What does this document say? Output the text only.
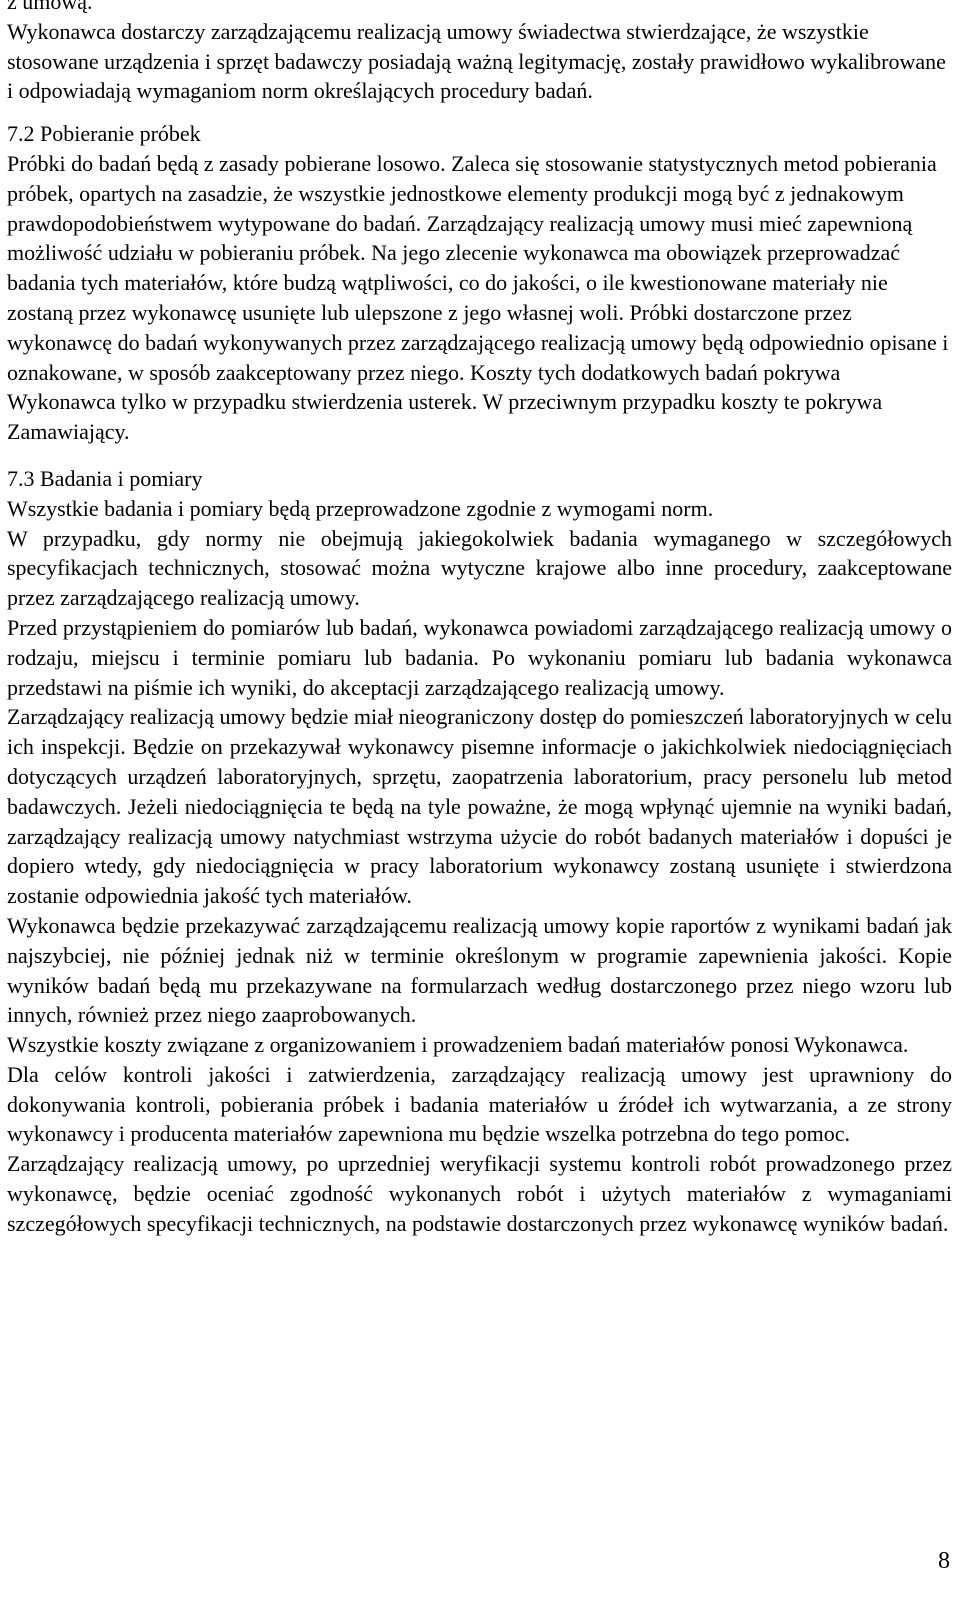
z umową.

Wykonawca dostarczy zarządzającemu realizacją umowy świadectwa stwierdzające, że wszystkie stosowane urządzenia i sprzęt badawczy posiadają ważną legitymację, zostały prawidłowo wykalibrowane i odpowiadają wymaganiom norm określających procedury badań.

7.2 Pobieranie próbek

Próbki do badań będą z zasady pobierane losowo. Zaleca się stosowanie statystycznych metod pobierania próbek, opartych na zasadzie, że wszystkie jednostkowe elementy produkcji mogą być z jednakowym prawdopodobieństwem wytypowane do badań. Zarządzający realizacją umowy musi mieć zapewnioną możliwość udziału w pobieraniu próbek. Na jego zlecenie wykonawca ma obowiązek przeprowadzać badania tych materiałów, które budzą wątpliwości, co do jakości, o ile kwestionowane materiały nie zostaną przez wykonawcę usunięte lub ulepszone z jego własnej woli. Próbki dostarczone przez wykonawcę do badań wykonywanych przez zarządzającego realizacją umowy będą odpowiednio opisane i oznakowane, w sposób zaakceptowany przez niego. Koszty tych dodatkowych badań pokrywa Wykonawca tylko w przypadku stwierdzenia usterek. W przeciwnym przypadku koszty te pokrywa Zamawiający.

7.3 Badania i pomiary

Wszystkie badania i pomiary będą przeprowadzone zgodnie z wymogami norm.

W przypadku, gdy normy nie obejmują jakiegokolwiek badania wymaganego w szczegółowych specyfikacjach technicznych, stosować można wytyczne krajowe albo inne procedury, zaakceptowane przez zarządzającego realizacją umowy.

Przed przystąpieniem do pomiarów lub badań, wykonawca powiadomi zarządzającego realizacją umowy o rodzaju, miejscu i terminie pomiaru lub badania. Po wykonaniu pomiaru lub badania wykonawca przedstawi na piśmie ich wyniki, do akceptacji zarządzającego realizacją umowy.

Zarządzający realizacją umowy będzie miał nieograniczony dostęp do pomieszczeń laboratoryjnych w celu ich inspekcji. Będzie on przekazywał wykonawcy pisemne informacje o jakichkolwiek niedociągnięciach dotyczących urządzeń laboratoryjnych, sprzętu, zaopatrzenia laboratorium, pracy personelu lub metod badawczych. Jeżeli niedociągnięcia te będą na tyle poważne, że mogą wpłynąć ujemnie na wyniki badań, zarządzający realizacją umowy natychmiast wstrzyma użycie do robót badanych materiałów i dopuści je dopiero wtedy, gdy niedociągnięcia w pracy laboratorium wykonawcy zostaną usunięte i stwierdzona zostanie odpowiednia jakość tych materiałów.

Wykonawca będzie przekazywać zarządzającemu realizacją umowy kopie raportów z wynikami badań jak najszybciej, nie później jednak niż w terminie określonym w programie zapewnienia jakości. Kopie wyników badań będą mu przekazywane na formularzach według dostarczonego przez niego wzoru lub innych, również przez niego zaaprobowanych.

Wszystkie koszty związane z organizowaniem i prowadzeniem badań materiałów ponosi Wykonawca.

Dla celów kontroli jakości i zatwierdzenia, zarządzający realizacją umowy jest uprawniony do dokonywania kontroli, pobierania próbek i badania materiałów u źródeł ich wytwarzania, a ze strony wykonawcy i producenta materiałów zapewniona mu będzie wszelka potrzebna do tego pomoc.

Zarządzający realizacją umowy, po uprzedniej weryfikacji systemu kontroli robót prowadzonego przez wykonawcę, będzie oceniać zgodność wykonanych robót i użytych materiałów z wymaganiami szczegółowych specyfikacji technicznych, na podstawie dostarczonych przez wykonawcę wyników badań.

8
